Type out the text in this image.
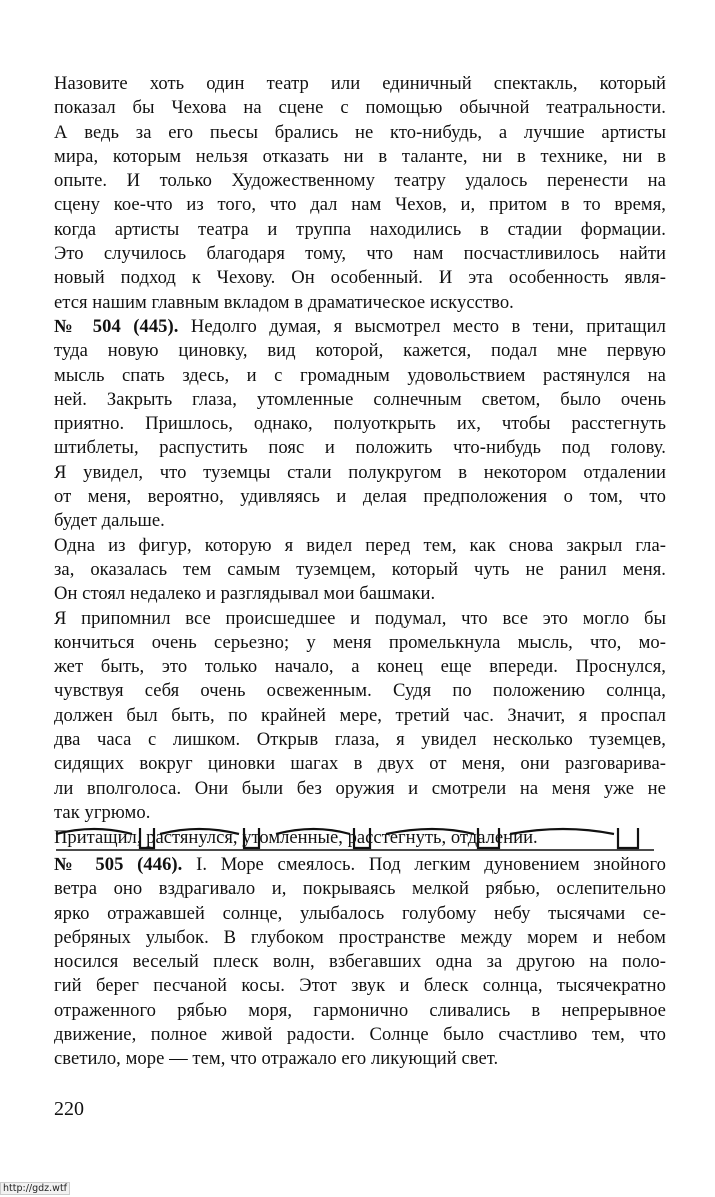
Назовите хоть один театр или единичный спектакль, который

показал бы Чехова на сцене с помощью обычной театральности.

А ведь за его пьесы брались не кто-нибудь, а лучшие артисты

мира, которым нельзя отказать ни в таланте, ни в технике, ни в

опыте. И только Художественному театру удалось перенести на

сцену кое-что из того, что дал нам Чехов, и, притом в то время,

когда артисты театра и труппа находились в стадии формации.

Это случилось благодаря тому, что нам посчастливилось найти

новый подход к Чехову. Он особенный. И эта особенность явля-

ется нашим главным вкладом в драматическое искусство.

№ 504 (445). Недолго думая, я высмотрел место в тени, притащил

туда новую циновку, вид которой, кажется, подал мне первую

мысль спать здесь, и с громадным удовольствием растянулся на

ней. Закрыть глаза, утомленные солнечным светом, было очень

приятно. Пришлось, однако, полуоткрыть их, чтобы расстегнуть

штиблеты, распустить пояс и положить что-нибудь под голову.

Я увидел, что туземцы стали полукругом в некотором отдалении

от меня, вероятно, удивляясь и делая предположения о том, что

будет дальше.

Одна из фигур, которую я видел перед тем, как снова закрыл гла-

за, оказалась тем самым туземцем, который чуть не ранил меня.

Он стоял недалеко и разглядывал мои башмаки.

Я припомнил все происшедшее и подумал, что все это могло бы

кончиться очень серьезно; у меня промелькнула мысль, что, мо-

жет быть, это только начало, а конец еще впереди. Проснулся,

чувствуя себя очень освеженным. Судя по положению солнца,

должен был быть, по крайней мере, третий час. Значит, я проспал

два часа с лишком. Открыв глаза, я увидел несколько туземцев,

сидящих вокруг циновки шагах в двух от меня, они разговарива-

ли вполголоса. Они были без оружия и смотрели на меня уже не

так угрюмо.

Притащил, растянулся, утомленные, расстегнуть, отдалении.

№ 505 (446). I. Море смеялось. Под легким дуновением знойного

ветра оно вздрагивало и, покрываясь мелкой рябью, ослепительно

ярко отражавшей солнце, улыбалось голубому небу тысячами се-

ребряных улыбок. В глубоком пространстве между морем и небом

носился веселый плеск волн, взбегавших одна за другою на поло-

гий берег песчаной косы. Этот звук и блеск солнца, тысячекратно

отраженного рябью моря, гармонично сливались в непрерывное

движение, полное живой радости. Солнце было счастливо тем, что

светило, море — тем, что отражало его ликующий свет.

220
http://gdz.wtf
